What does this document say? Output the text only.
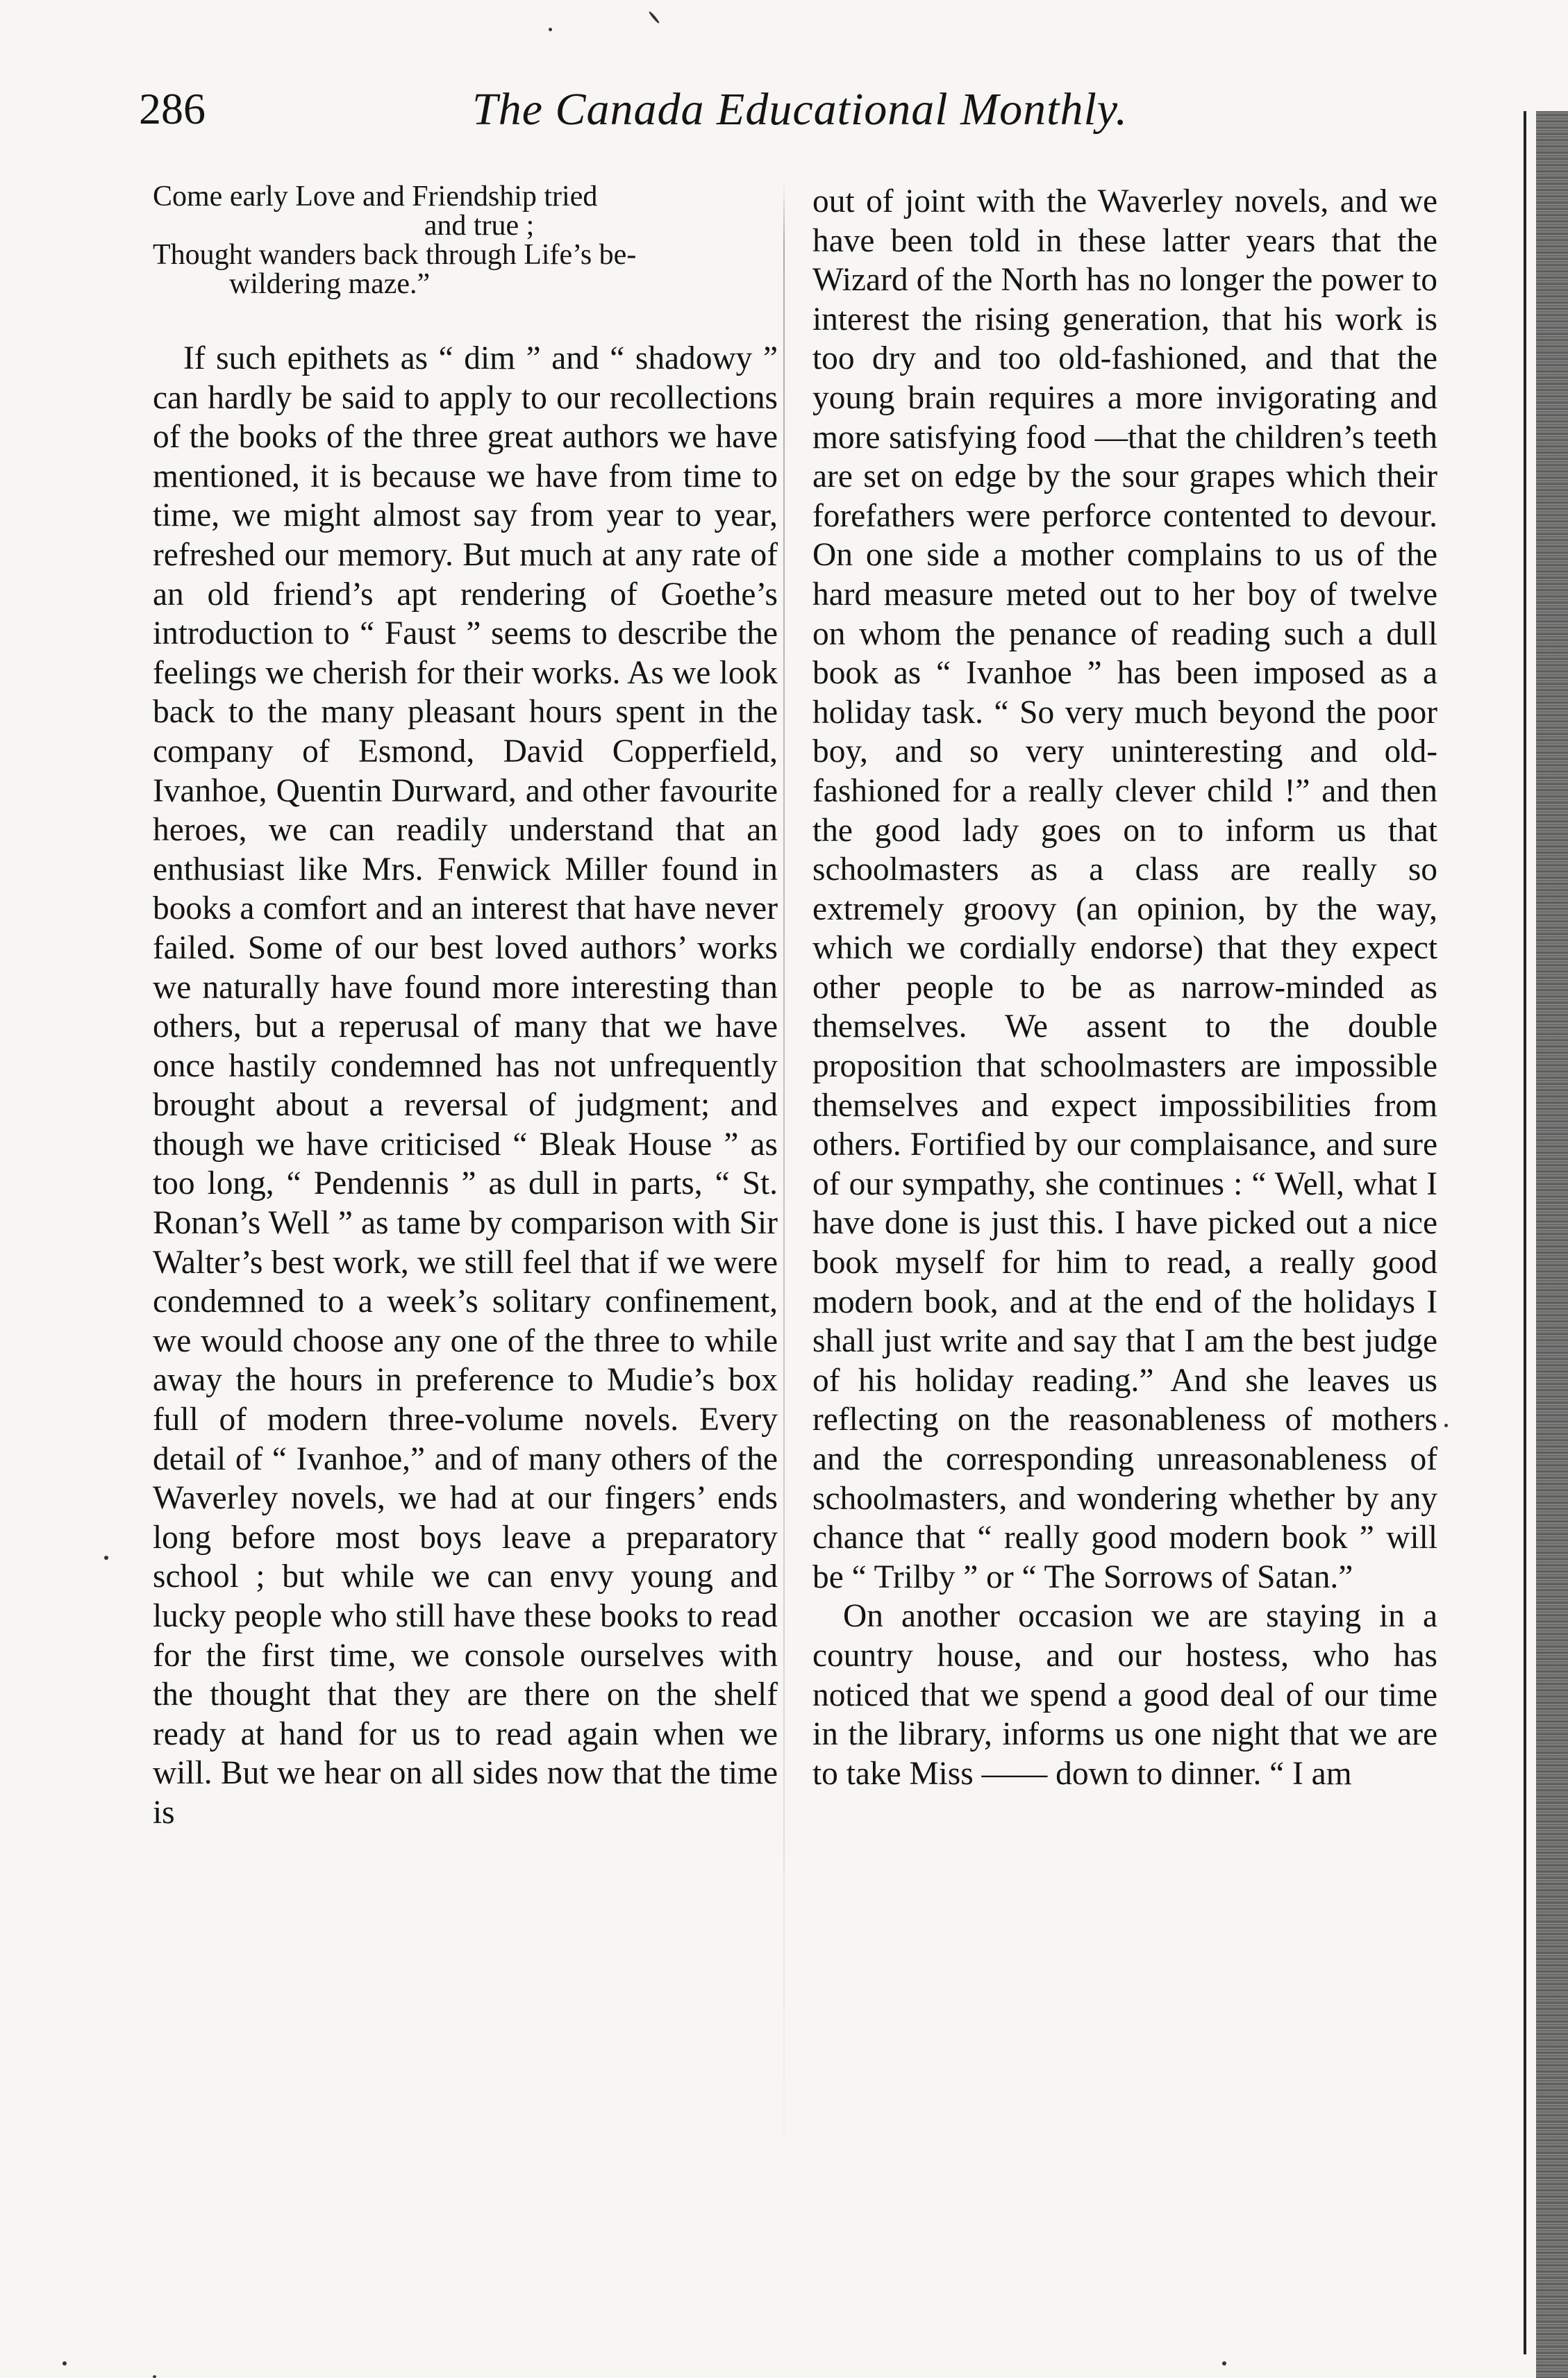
286	The Canada Educational Monthly.

Come early Love and Friendship tried

and true ;

Thought wanders back through Life’s be-

wildering maze.”

If such epithets as “ dim ” and “ shadowy ” can hardly be said to apply to our recollections of the books of the three great authors we have mentioned, it is because we have from time to time, we might almost say from year to year, refreshed our memory. But much at any rate of an old friend’s apt rendering of Goethe’s introduction to “ Faust ” seems to describe the feelings we cherish for their works. As we look back to the many pleasant hours spent in the company of Esmond, David Copperfield, Ivanhoe, Quentin Durward, and other favourite heroes, we can readily understand that an enthusiast like Mrs. Fenwick Miller found in books a comfort and an interest that have never failed. Some of our best loved authors’ works we naturally have found more interesting than others, but a reperusal of many that we have once hastily condemned has not unfrequently brought about a reversal of judgment; and though we have criticised “ Bleak House ” as too long, “ Pendennis ” as dull in parts, “ St. Ronan’s Well ” as tame by comparison with Sir Walter’s best work, we still feel that if we were condemned to a week’s solitary confinement, we would choose any one of the three to while away the hours in preference to Mudie’s box full of modern three-volume novels. Every detail of “ Ivanhoe,” and of many others of the Waverley novels, we had at our fingers’ ends long before most boys leave a preparatory school ; but while we can envy young and lucky people who still have these books to read for the first time, we console ourselves with the thought that they are there on the shelf ready at hand for us to read again when we will. But we hear on all sides now that the time is

out of joint with the Waverley novels, and we have been told in these latter years that the Wizard of the North has no longer the power to interest the rising generation, that his work is too dry and too old-fashioned, and that the young brain requires a more invigorating and more satisfying food —that the children’s teeth are set on edge by the sour grapes which their forefathers were perforce contented to devour. On one side a mother complains to us of the hard measure meted out to her boy of twelve on whom the penance of reading such a dull book as “ Ivanhoe ” has been imposed as a holiday task. “ So very much beyond the poor boy, and so very uninteresting and old-fashioned for a really clever child !” and then the good lady goes on to inform us that schoolmasters as a class are really so extremely groovy (an opinion, by the way, which we cordially endorse) that they expect other people to be as narrow-minded as themselves. We assent to the double proposition that schoolmasters are impossible themselves and expect impossibilities from others. Fortified by our complaisance, and sure of our sympathy, she continues : “ Well, what I have done is just this. I have picked out a nice book myself for him to read, a really good modern book, and at the end of the holidays I shall just write and say that I am the best judge of his holiday reading.” And she leaves us reflecting on the reasonableness of mothers and the corresponding unreasonableness of schoolmasters, and wondering whether by any chance that “ really good modern book ” will be “ Trilby ” or “ The Sorrows of Satan.”

On another occasion we are staying in a country house, and our hostess, who has noticed that we spend a good deal of our time in the library, informs us one night that we are to take Miss —— down to dinner. “ I am
